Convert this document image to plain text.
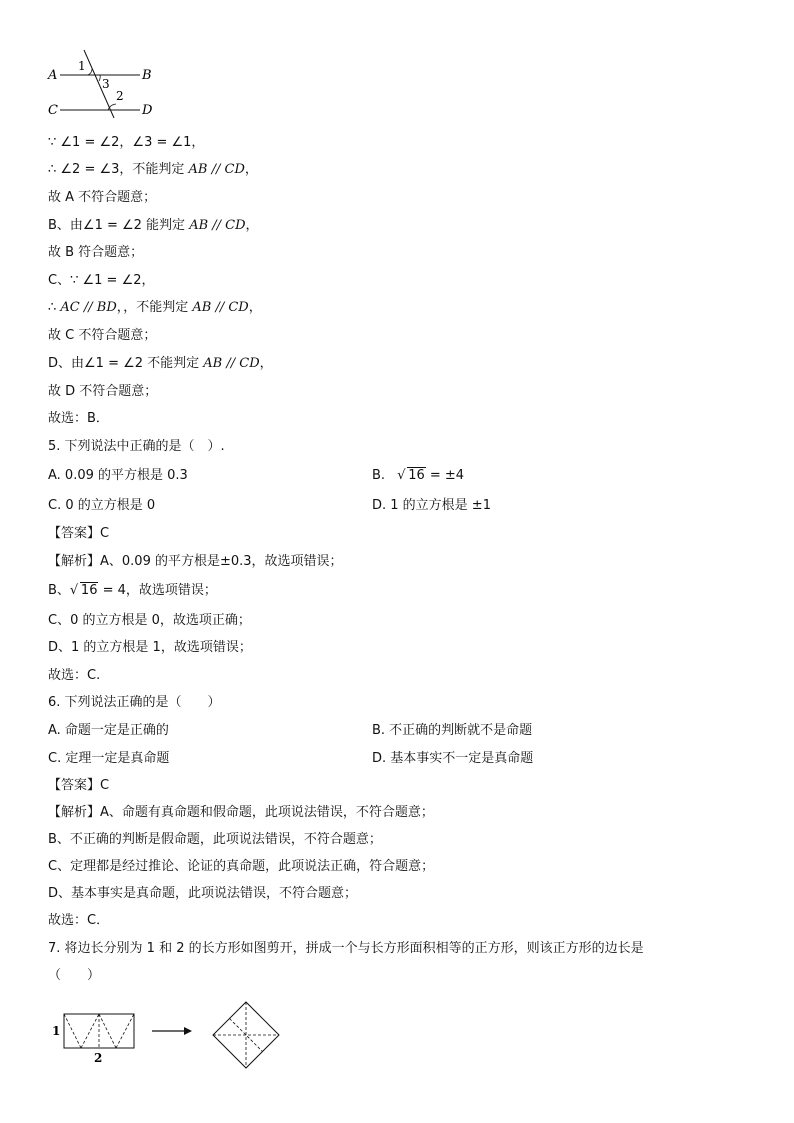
A	B
C	D
1
3
2
∵ ∠1 = ∠2，∠3 = ∠1，
∴ ∠2 = ∠3，不能判定 AB // CD，
故 A 不符合题意；
B、由∠1 = ∠2 能判定 AB // CD，
故 B 符合题意；
C、∵ ∠1 = ∠2，
∴ AC // BD，，不能判定 AB // CD，
故 C 不符合题意；
D、由∠1 = ∠2 不能判定 AB // CD，
故 D 不符合题意；
故选：B．
5. 下列说法中正确的是（　）.
A. 0.09 的平方根是 0.3	B. √ 16 = ±4
C. 0 的立方根是 0	D. 1 的立方根是 ±1
【答案】C
【解析】A、0.09 的平方根是±0.3，故选项错误；
B、 √ 16 = 4，故选项错误；
C、0 的立方根是 0，故选项正确；
D、1 的立方根是 1，故选项错误；
故选：C.
6. 下列说法正确的是（　　）
A. 命题一定是正确的	B. 不正确的判断就不是命题
C. 定理一定是真命题	D. 基本事实不一定是真命题
【答案】C
【解析】A、命题有真命题和假命题，此项说法错误，不符合题意；
B、不正确的判断是假命题，此项说法错误，不符合题意；
C、定理都是经过推论、论证的真命题，此项说法正确，符合题意；
D、基本事实是真命题，此项说法错误，不符合题意；
故选：C．
7. 将边长分别为 1 和 2 的长方形如图剪开，拼成一个与长方形面积相等的正方形，则该正方形的边长是
（　　）
1
2
